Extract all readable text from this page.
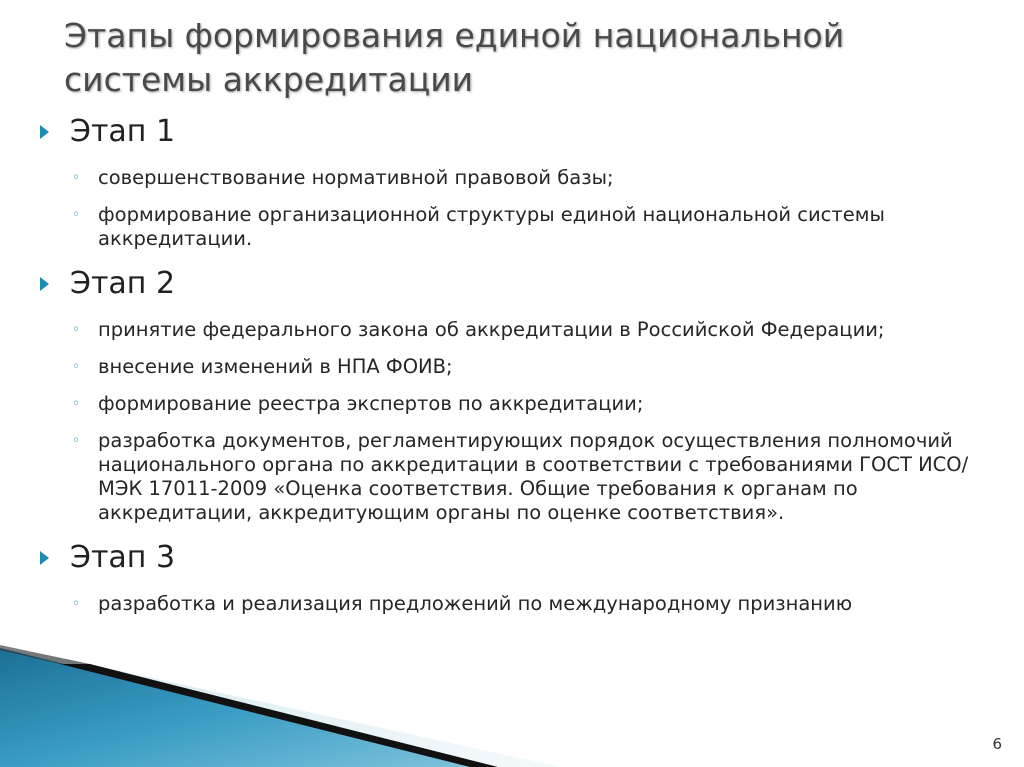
Этапы формирования единой национальной системы аккредитации
Этап 1
◦ совершенствование нормативной правовой базы;
◦ формирование организационной структуры единой национальной системы аккредитации.
Этап 2
◦ принятие федерального закона об аккредитации в Российской Федерации;
◦ внесение изменений в НПА ФОИВ;
◦ формирование реестра экспертов по аккредитации;
◦ разработка документов, регламентирующих порядок осуществления полномочий национального органа по аккредитации в соответствии с требованиями ГОСТ ИСО/МЭК 17011-2009 «Оценка соответствия. Общие требования к органам по аккредитации, аккредитующим органы по оценке соответствия».
Этап 3
◦ разработка и реализация предложений по международному признанию
6
